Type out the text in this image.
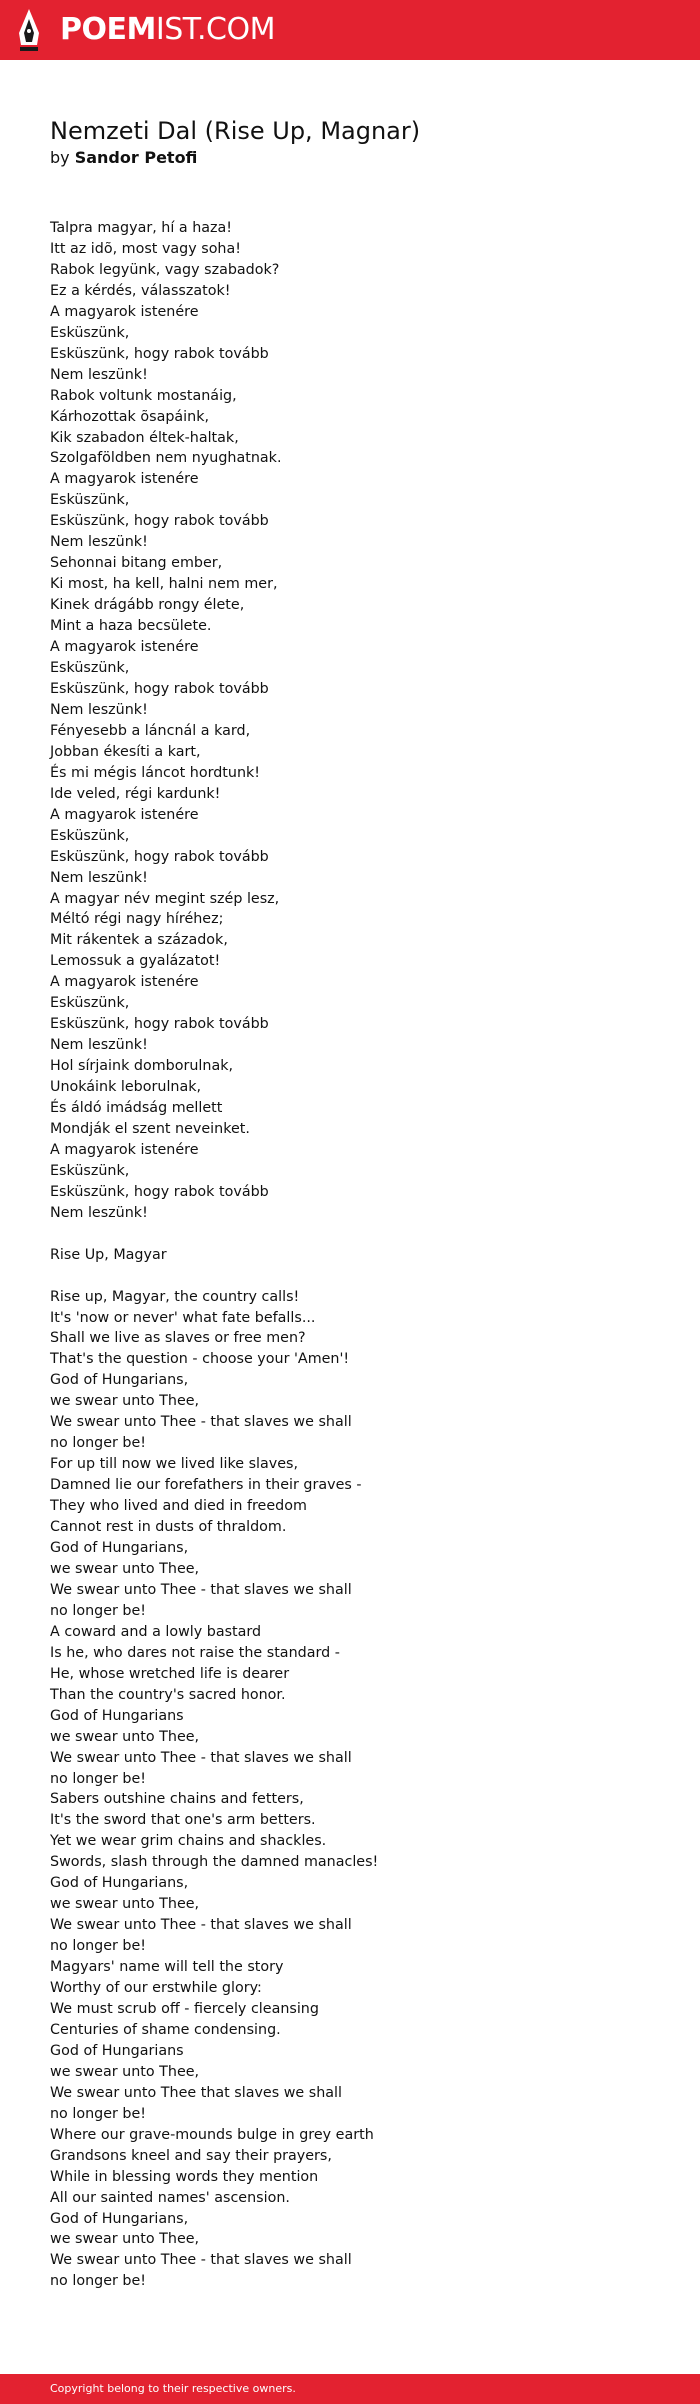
POEMIST.COM
Nemzeti Dal (Rise Up, Magnar)
by Sandor Petofi
Talpra magyar, hí a haza!
Itt az idõ, most vagy soha!
Rabok legyünk, vagy szabadok?
Ez a kérdés, válasszatok!
A magyarok istenére
Esküszünk,
Esküszünk, hogy rabok tovább
Nem leszünk!
Rabok voltunk mostanáig,
Kárhozottak õsapáink,
Kik szabadon éltek-haltak,
Szolgaföldben nem nyughatnak.
A magyarok istenére
Esküszünk,
Esküszünk, hogy rabok tovább
Nem leszünk!
Sehonnai bitang ember,
Ki most, ha kell, halni nem mer,
Kinek drágább rongy élete,
Mint a haza becsülete.
A magyarok istenére
Esküszünk,
Esküszünk, hogy rabok tovább
Nem leszünk!
Fényesebb a láncnál a kard,
Jobban ékesíti a kart,
És mi mégis láncot hordtunk!
Ide veled, régi kardunk!
A magyarok istenére
Esküszünk,
Esküszünk, hogy rabok tovább
Nem leszünk!
A magyar név megint szép lesz,
Méltó régi nagy híréhez;
Mit rákentek a századok,
Lemossuk a gyalázatot!
A magyarok istenére
Esküszünk,
Esküszünk, hogy rabok tovább
Nem leszünk!
Hol sírjaink domborulnak,
Unokáink leborulnak,
És áldó imádság mellett
Mondják el szent neveinket.
A magyarok istenére
Esküszünk,
Esküszünk, hogy rabok tovább
Nem leszünk!
Rise Up, Magyar
Rise up, Magyar, the country calls!
It's 'now or never' what fate befalls...
Shall we live as slaves or free men?
That's the question - choose your 'Amen'!
God of Hungarians,
we swear unto Thee,
We swear unto Thee - that slaves we shall
no longer be!
For up till now we lived like slaves,
Damned lie our forefathers in their graves -
They who lived and died in freedom
Cannot rest in dusts of thraldom.
God of Hungarians,
we swear unto Thee,
We swear unto Thee - that slaves we shall
no longer be!
A coward and a lowly bastard
Is he, who dares not raise the standard -
He, whose wretched life is dearer
Than the country's sacred honor.
God of Hungarians
we swear unto Thee,
We swear unto Thee - that slaves we shall
no longer be!
Sabers outshine chains and fetters,
It's the sword that one's arm betters.
Yet we wear grim chains and shackles.
Swords, slash through the damned manacles!
God of Hungarians,
we swear unto Thee,
We swear unto Thee - that slaves we shall
no longer be!
Magyars' name will tell the story
Worthy of our erstwhile glory:
We must scrub off - fiercely cleansing
Centuries of shame condensing.
God of Hungarians
we swear unto Thee,
We swear unto Thee that slaves we shall
no longer be!
Where our grave-mounds bulge in grey earth
Grandsons kneel and say their prayers,
While in blessing words they mention
All our sainted names' ascension.
God of Hungarians,
we swear unto Thee,
We swear unto Thee - that slaves we shall
no longer be!
Copyright belong to their respective owners.
